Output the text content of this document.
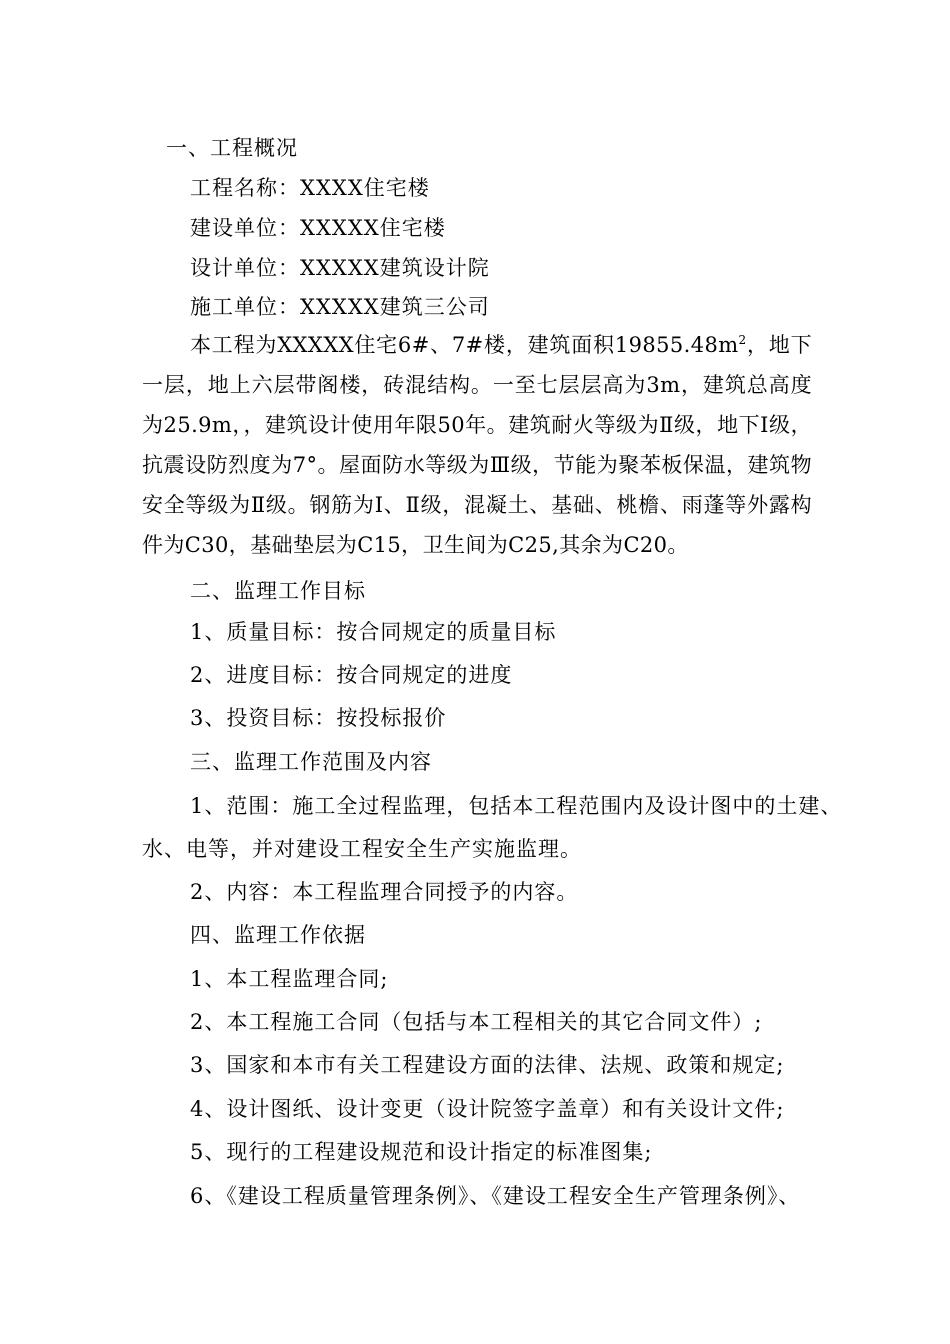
一、工程概况
工程名称：XXXX住宅楼
建设单位：XXXXX住宅楼
设计单位：XXXXX建筑设计院
施工单位：XXXXX建筑三公司
本工程为XXXXX住宅6#、7#楼，建筑面积$19855.48m^2$，地下一层，地上六层带阁楼，砖混结构。一至七层层高为3m，建筑总高度为25.9m，，建筑设计使用年限50年。建筑耐火等级为Ⅱ级，地下Ⅰ级，抗震设防烈度为7°。屋面防水等级为Ⅲ级，节能为聚苯板保温，建筑物安全等级为Ⅱ级。钢筋为Ⅰ、Ⅱ级，混凝土、基础、桃檐、雨蓬等外露构件为C30，基础垫层为C15，卫生间为C25,其余为C20。
二、监理工作目标
1、质量目标：按合同规定的质量目标
2、进度目标：按合同规定的进度
3、投资目标：按投标报价
三、监理工作范围及内容
1、范围：施工全过程监理，包括本工程范围内及设计图中的土建、
水、电等，并对建设工程安全生产实施监理。
2、内容：本工程监理合同授予的内容。
四、监理工作依据
1、本工程监理合同;
2、本工程施工合同（包括与本工程相关的其它合同文件）;
3、国家和本市有关工程建设方面的法律、法规、政策和规定;
4、设计图纸、设计变更（设计院签字盖章）和有关设计文件;
5、现行的工程建设规范和设计指定的标准图集;
6、《建设工程质量管理条例》、《建设工程安全生产管理条例》、
